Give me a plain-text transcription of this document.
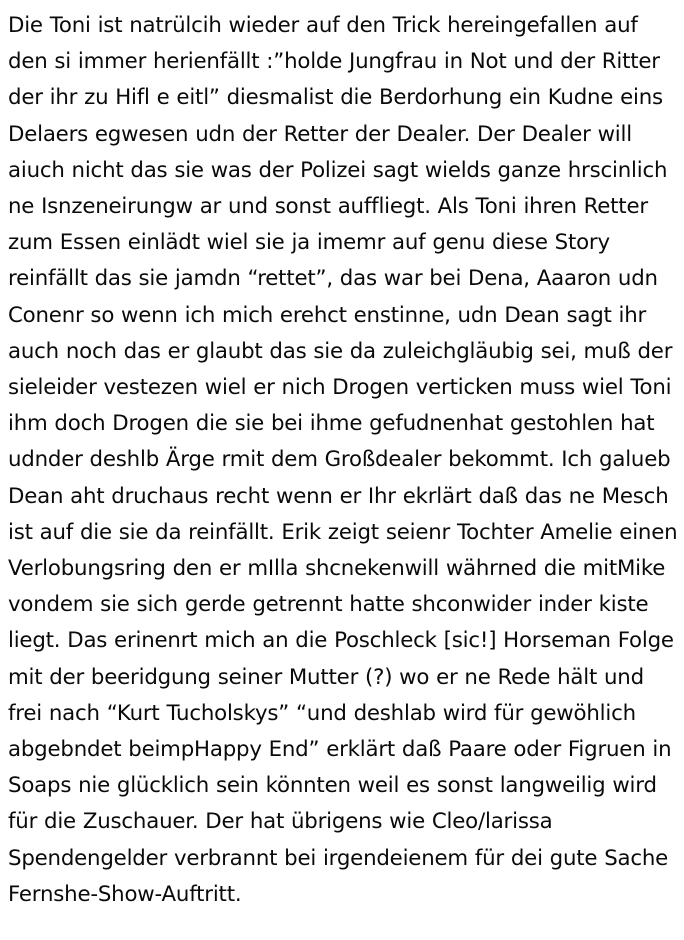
Die Toni ist natrülcih wieder auf den Trick hereingefallen auf den si immer herienfällt :”holde Jungfrau in Not und der Ritter der ihr zu Hifl e eitl” diesmalist die Berdorhung ein Kudne eins Delaers egwesen udn der Retter der Dealer. Der Dealer will aiuch nicht das sie was der Polizei sagt wields ganze hrscinlich ne Isnzeneirungw ar und sonst auffliegt. Als Toni ihren Retter zum Essen einlädt wiel sie ja imemr auf genu diese Story reinfällt das sie jamdn “rettet”, das war bei Dena, Aaaron udn Conenr so wenn ich mich erehct enstinne, udn Dean sagt ihr auch noch das er glaubt das sie da zuleichgläubig sei, muß der sieleider vestezen wiel er nich Drogen verticken muss wiel Toni ihm doch Drogen die sie bei ihme gefudnenhat gestohlen hat udnder deshlb Ärge rmit dem Großdealer bekommt. Ich galueb Dean aht druchaus recht wenn er Ihr ekrlärt daß das ne Mesch ist auf die sie da reinfällt. Erik zeigt seienr Tochter Amelie einen Verlobungsring den er mIlla shcnekenwill währned die mitMike vondem sie sich gerde getrennt hatte shconwider inder kiste liegt. Das erinenrt mich an die Poschleck [sic!] Horseman Folge mit der beeridgung seiner Mutter (?) wo er ne Rede hält und frei nach “Kurt Tucholskys” “und deshlab wird für gewöhlich abgebndet beimpHappy End” erklärt daß Paare oder Figruen in Soaps nie glücklich sein könnten weil es sonst langweilig wird für die Zuschauer. Der hat übrigens wie Cleo/larissa Spendengelder verbrannt bei irgendeienem für dei gute Sache Fernshe-Show-Auftritt.
